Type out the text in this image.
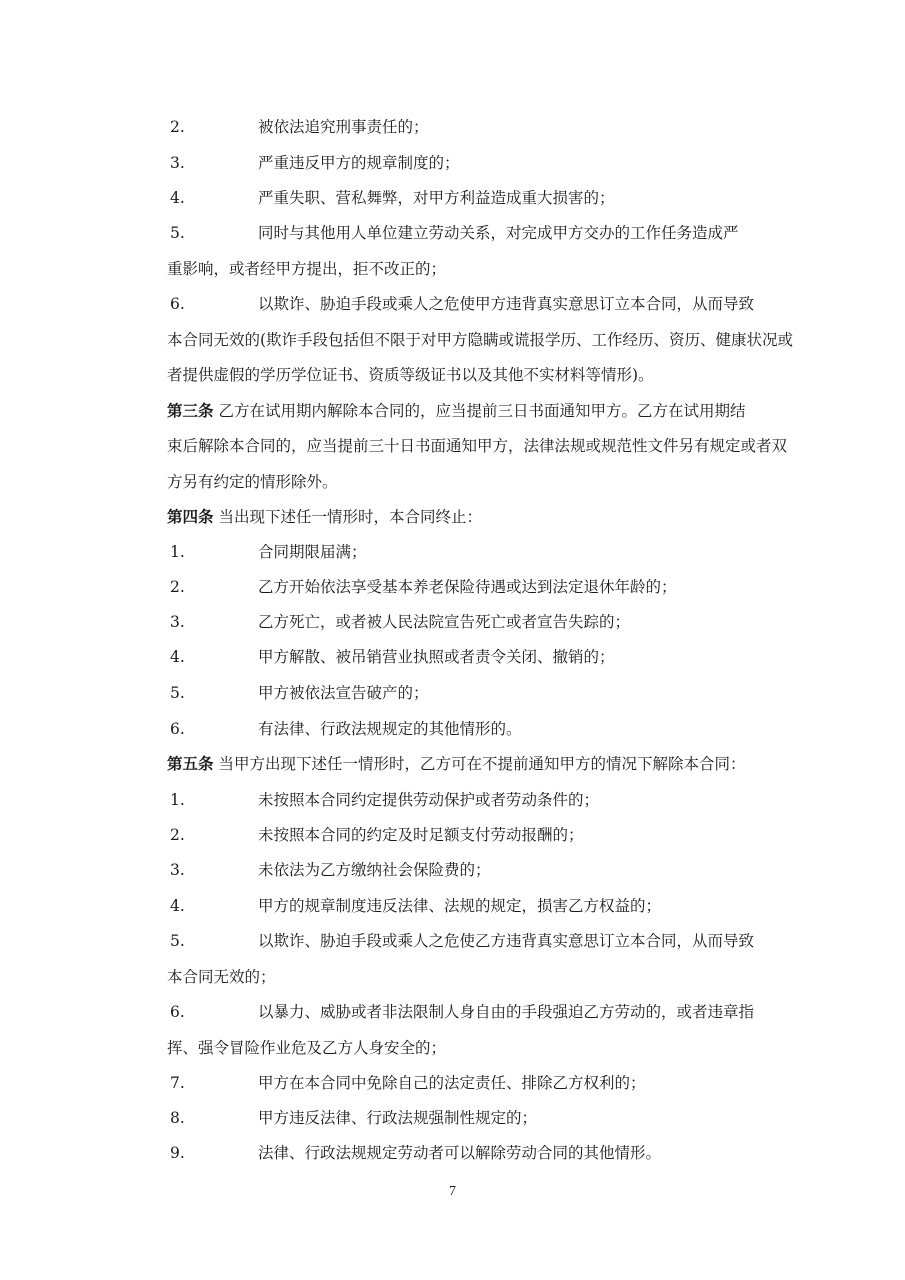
2.	被依法追究刑事责任的；
3.	严重违反甲方的规章制度的；
4.	严重失职、营私舞弊，对甲方利益造成重大损害的；
5.	同时与其他用人单位建立劳动关系，对完成甲方交办的工作任务造成严
重影响，或者经甲方提出，拒不改正的；
6.	以欺诈、胁迫手段或乘人之危使甲方违背真实意思订立本合同，从而导致
本合同无效的(欺诈手段包括但不限于对甲方隐瞒或谎报学历、工作经历、资历、健康状况或
者提供虚假的学历学位证书、资质等级证书以及其他不实材料等情形)。
第三条 乙方在试用期内解除本合同的，应当提前三日书面通知甲方。乙方在试用期结
束后解除本合同的，应当提前三十日书面通知甲方，法律法规或规范性文件另有规定或者双
方另有约定的情形除外。
第四条 当出现下述任一情形时，本合同终止：
1.	合同期限届满；
2.	乙方开始依法享受基本养老保险待遇或达到法定退休年龄的；
3.	乙方死亡，或者被人民法院宣告死亡或者宣告失踪的；
4.	甲方解散、被吊销营业执照或者责令关闭、撤销的；
5.	甲方被依法宣告破产的；
6.	有法律、行政法规规定的其他情形的。
第五条 当甲方出现下述任一情形时，乙方可在不提前通知甲方的情况下解除本合同：
1.	未按照本合同约定提供劳动保护或者劳动条件的；
2.	未按照本合同的约定及时足额支付劳动报酬的；
3.	未依法为乙方缴纳社会保险费的；
4.	甲方的规章制度违反法律、法规的规定，损害乙方权益的；
5.	以欺诈、胁迫手段或乘人之危使乙方违背真实意思订立本合同，从而导致
本合同无效的；
6.	以暴力、威胁或者非法限制人身自由的手段强迫乙方劳动的，或者违章指
挥、强令冒险作业危及乙方人身安全的；
7.	甲方在本合同中免除自己的法定责任、排除乙方权利的；
8.	甲方违反法律、行政法规强制性规定的；
9.	法律、行政法规规定劳动者可以解除劳动合同的其他情形。
7
